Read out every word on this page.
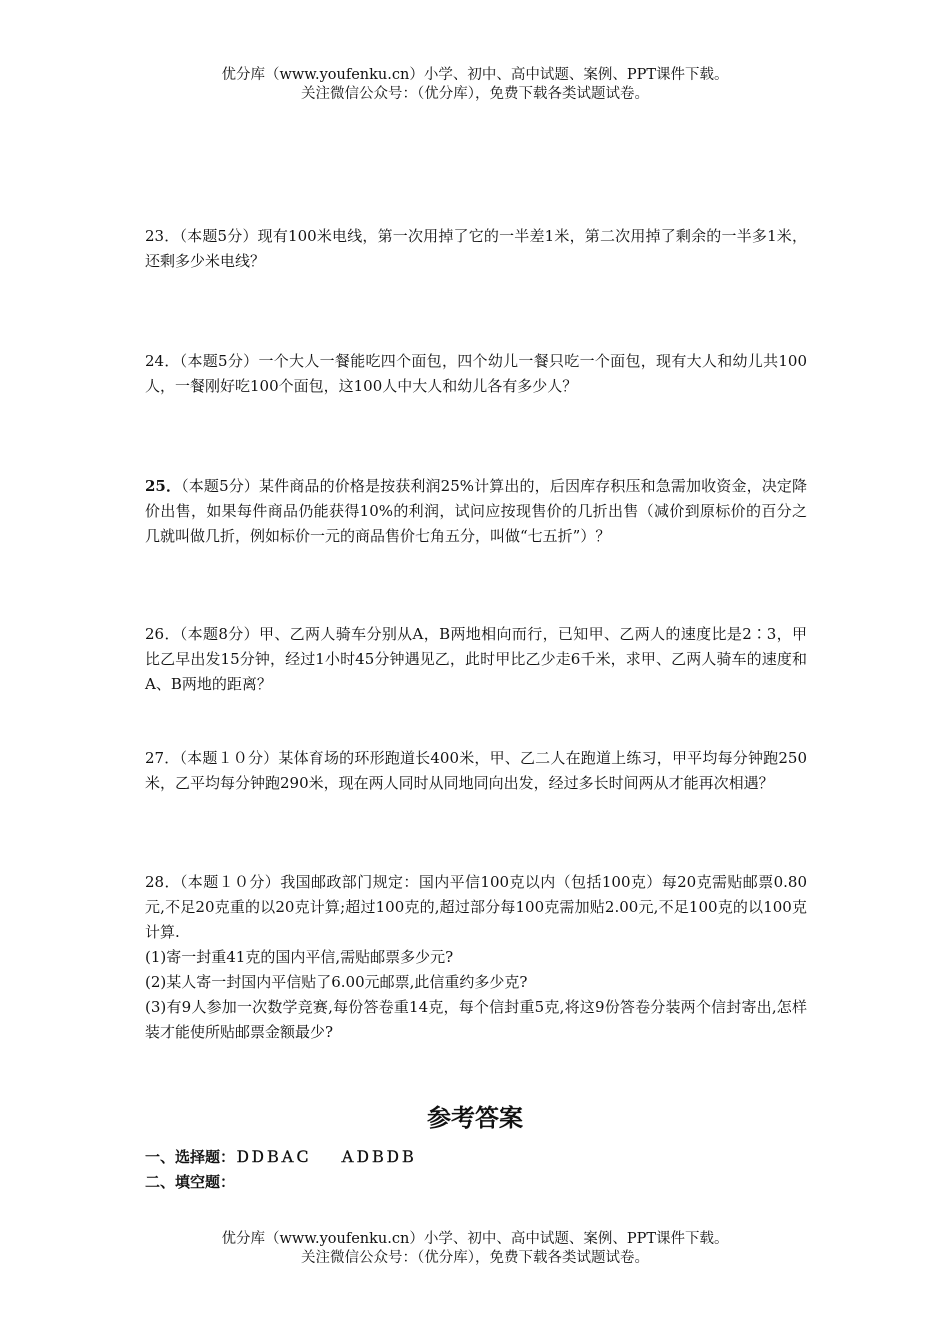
优分库（www.youfenku.cn）小学、初中、高中试题、案例、PPT课件下载。
关注微信公众号：（优分库），免费下载各类试题试卷。

23．（本题5分）现有100米电线，第一次用掉了它的一半差1米，第二次用掉了剩余的一半多1米，还剩多少米电线？

24．（本题5分）一个大人一餐能吃四个面包，四个幼儿一餐只吃一个面包，现有大人和幼儿共100人，一餐刚好吃100个面包，这100人中大人和幼儿各有多少人？

25．（本题5分）某件商品的价格是按获利润25%计算出的，后因库存积压和急需加收资金，决定降价出售，如果每件商品仍能获得10%的利润，试问应按现售价的几折出售（减价到原标价的百分之几就叫做几折，例如标价一元的商品售价七角五分，叫做“七五折”）？

26．（本题8分）甲、乙两人骑车分别从A，B两地相向而行，已知甲、乙两人的速度比是2∶3，甲比乙早出发15分钟，经过1小时45分钟遇见乙，此时甲比乙少走6千米，求甲、乙两人骑车的速度和A、B两地的距离？

27．（本题１０分）某体育场的环形跑道长400米，甲、乙二人在跑道上练习，甲平均每分钟跑250米，乙平均每分钟跑290米，现在两人同时从同地同向出发，经过多长时间两从才能再次相遇？

28．（本题１０分）我国邮政部门规定：国内平信100克以内（包括100克）每20克需贴邮票0.80元,不足20克重的以20克计算;超过100克的,超过部分每100克需加贴2.00元,不足100克的以100克计算.

(1)寄一封重41克的国内平信,需贴邮票多少元?

(2)某人寄一封国内平信贴了6.00元邮票,此信重约多少克?

(3)有9人参加一次数学竞赛,每份答卷重14克，每个信封重5克,将这9份答卷分装两个信封寄出,怎样装才能使所贴邮票金额最少?

参考答案
一、选择题：ＤＤＢＡＣ　　ＡＤＢＤＢ
二、填空题：
优分库（www.youfenku.cn）小学、初中、高中试题、案例、PPT课件下载。
关注微信公众号：（优分库），免费下载各类试题试卷。
